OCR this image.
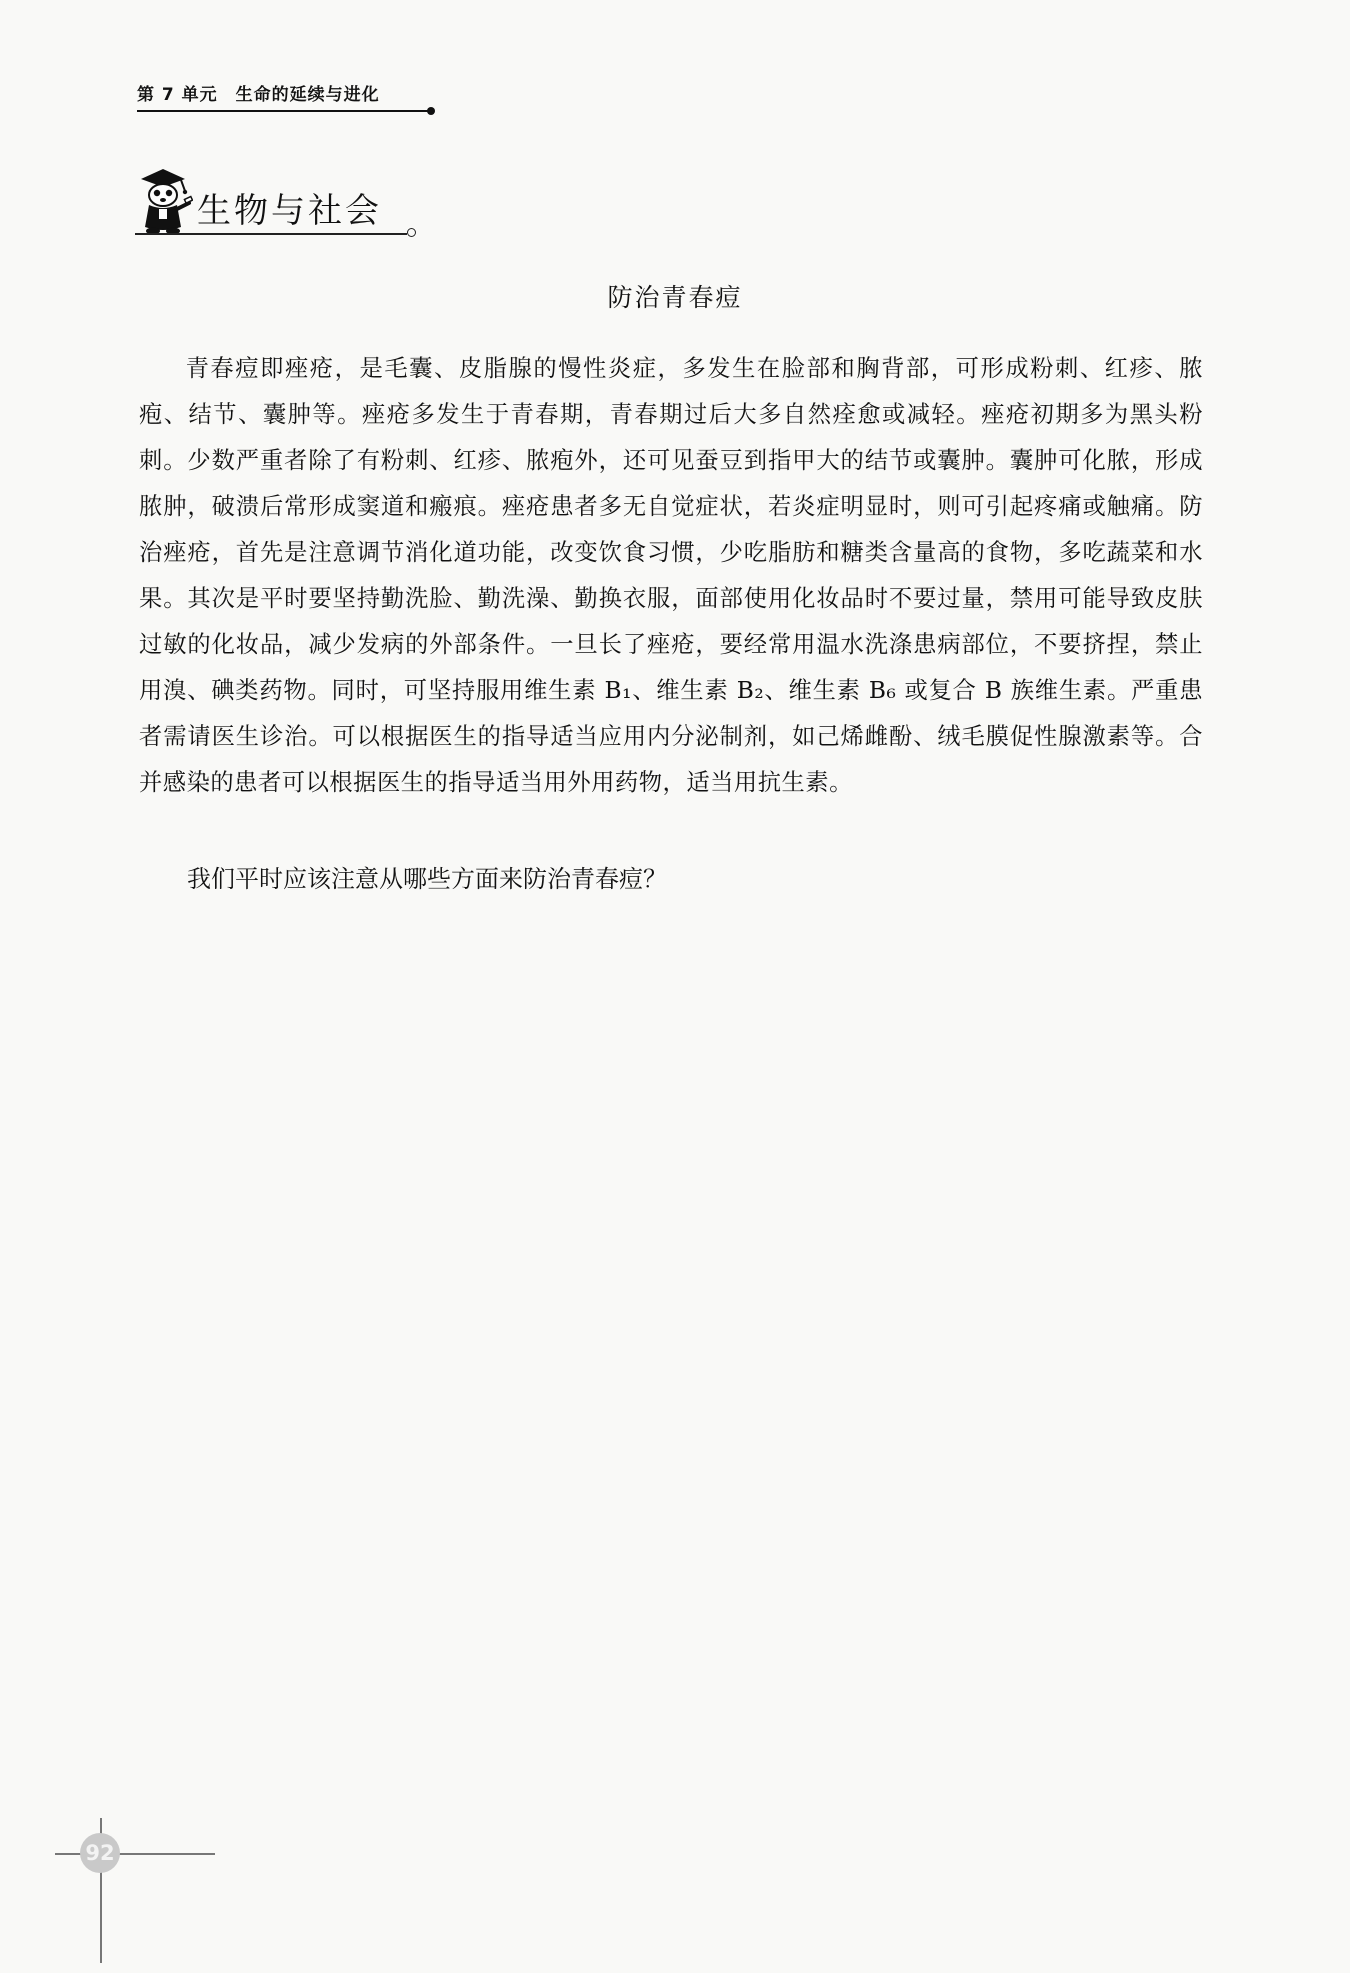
第 7 单元 生命的延续与进化
生物与社会
防治青春痘
青春痘即痤疮，是毛囊、皮脂腺的慢性炎症，多发生在脸部和胸背部，可形成粉刺、红疹、脓疱、结节、囊肿等。痤疮多发生于青春期，青春期过后大多自然痊愈或减轻。痤疮初期多为黑头粉刺。少数严重者除了有粉刺、红疹、脓疱外，还可见蚕豆到指甲大的结节或囊肿。囊肿可化脓，形成脓肿，破溃后常形成窦道和瘢痕。痤疮患者多无自觉症状，若炎症明显时，则可引起疼痛或触痛。防治痤疮，首先是注意调节消化道功能，改变饮食习惯，少吃脂肪和糖类含量高的食物，多吃蔬菜和水果。其次是平时要坚持勤洗脸、勤洗澡、勤换衣服，面部使用化妆品时不要过量，禁用可能导致皮肤过敏的化妆品，减少发病的外部条件。一旦长了痤疮，要经常用温水洗涤患病部位，不要挤捏，禁止用溴、碘类药物。同时，可坚持服用维生素 B₁、维生素 B₂、维生素 B₆ 或复合 B 族维生素。严重患者需请医生诊治。可以根据医生的指导适当应用内分泌制剂，如己烯雌酚、绒毛膜促性腺激素等。合并感染的患者可以根据医生的指导适当用外用药物，适当用抗生素。
我们平时应该注意从哪些方面来防治青春痘？
92
